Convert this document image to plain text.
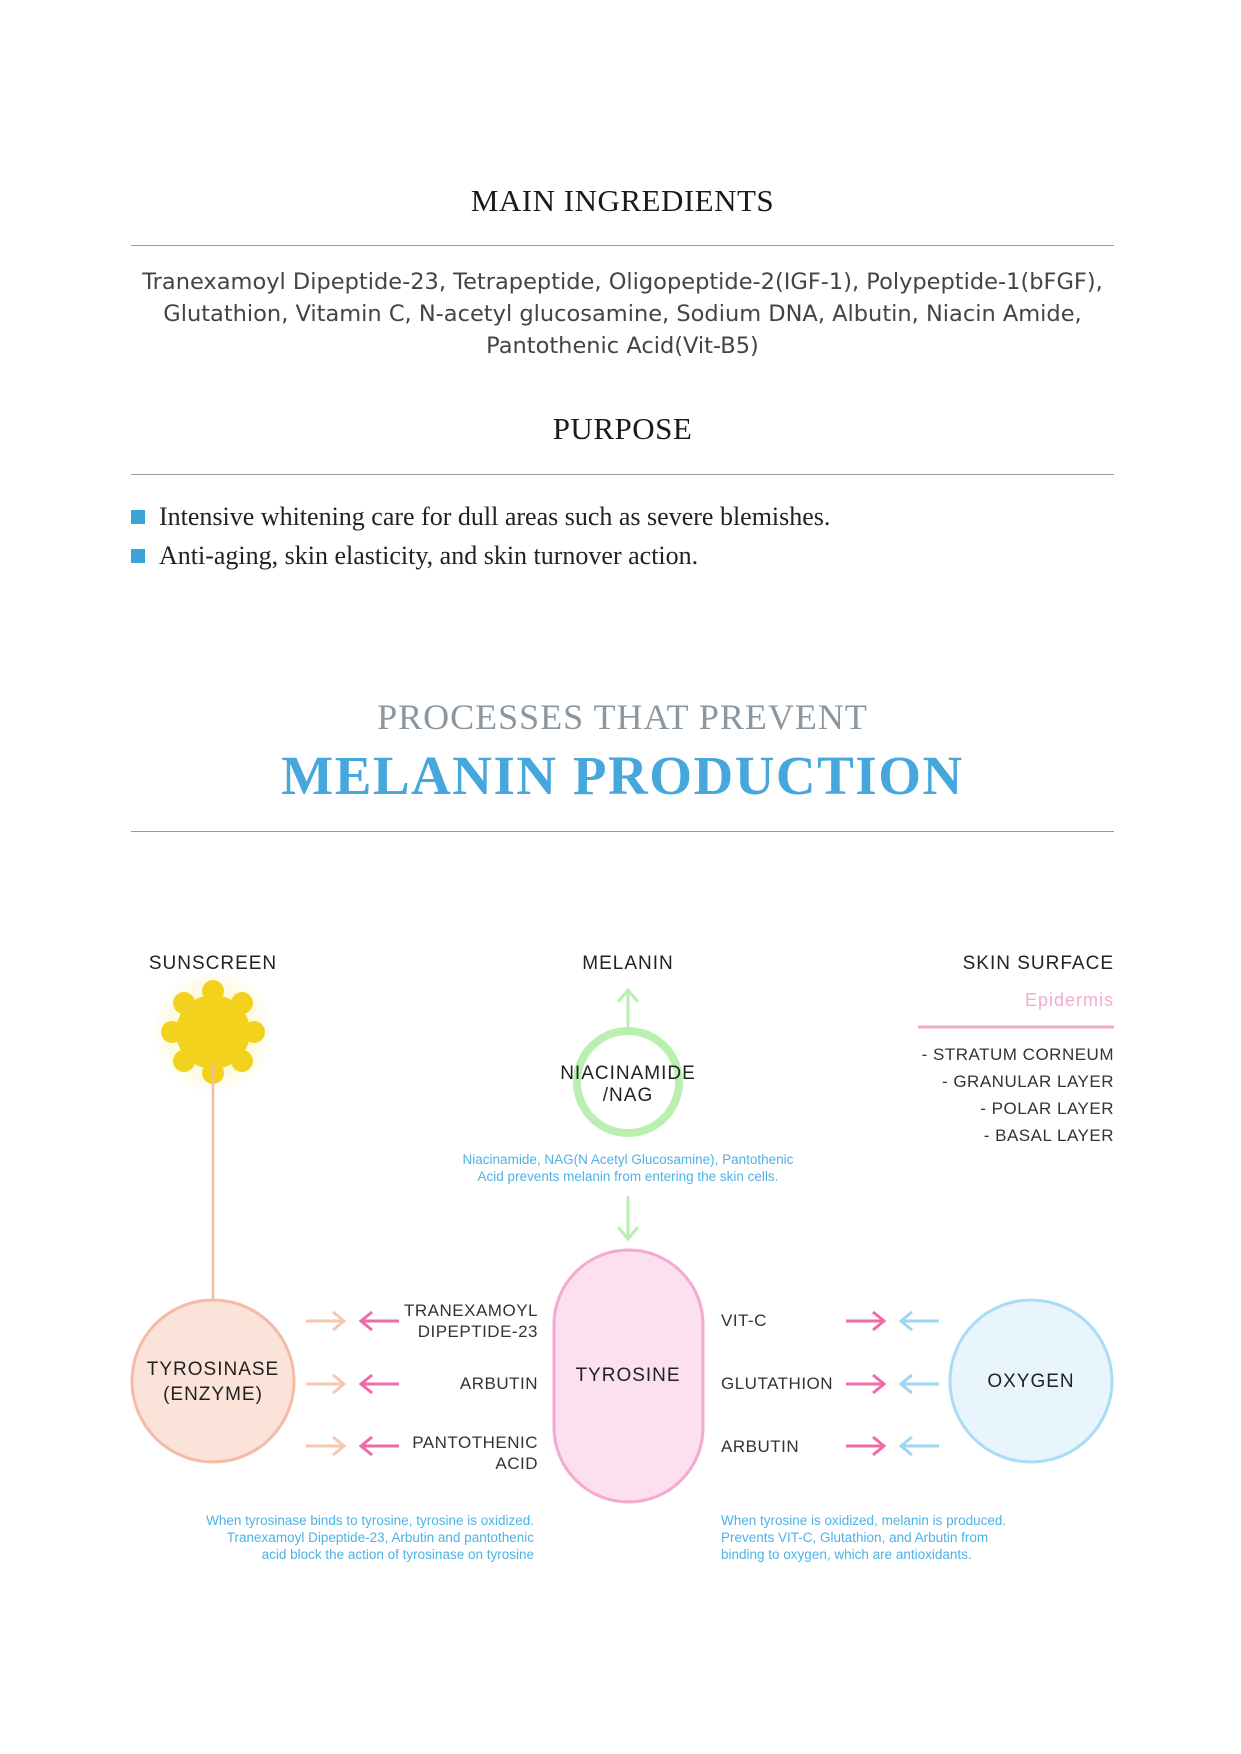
MAIN INGREDIENTS
Tranexamoyl Dipeptide-23, Tetrapeptide, Oligopeptide-2(IGF-1), Polypeptide-1(bFGF),
Glutathion, Vitamin C, N-acetyl glucosamine, Sodium DNA, Albutin, Niacin Amide,
Pantothenic Acid(Vit-B5)
PURPOSE
Intensive whitening care for dull areas such as severe blemishes.
Anti-aging, skin elasticity, and skin turnover action.
PROCESSES THAT PREVENT
MELANIN PRODUCTION
SUNSCREEN	MELANIN	SKIN SURFACE
Epidermis
- STRATUM CORNEUM
- GRANULAR LAYER
- POLAR LAYER
- BASAL LAYER
NIACINAMIDE
/NAG
Niacinamide, NAG(N Acetyl Glucosamine), Pantothenic
Acid prevents melanin from entering the skin cells.
TYROSINASE
(ENZYME)
TYROSINE	OXYGEN
TRANEXAMOYL
DIPEPTIDE-23
ARBUTIN
PANTOTHENIC
ACID
VIT-C
GLUTATHION
ARBUTIN
When tyrosinase binds to tyrosine, tyrosine is oxidized.
Tranexamoyl Dipeptide-23, Arbutin and pantothenic
acid block the action of tyrosinase on tyrosine
When tyrosine is oxidized, melanin is produced.
Prevents VIT-C, Glutathion, and Arbutin from
binding to oxygen, which are antioxidants.
